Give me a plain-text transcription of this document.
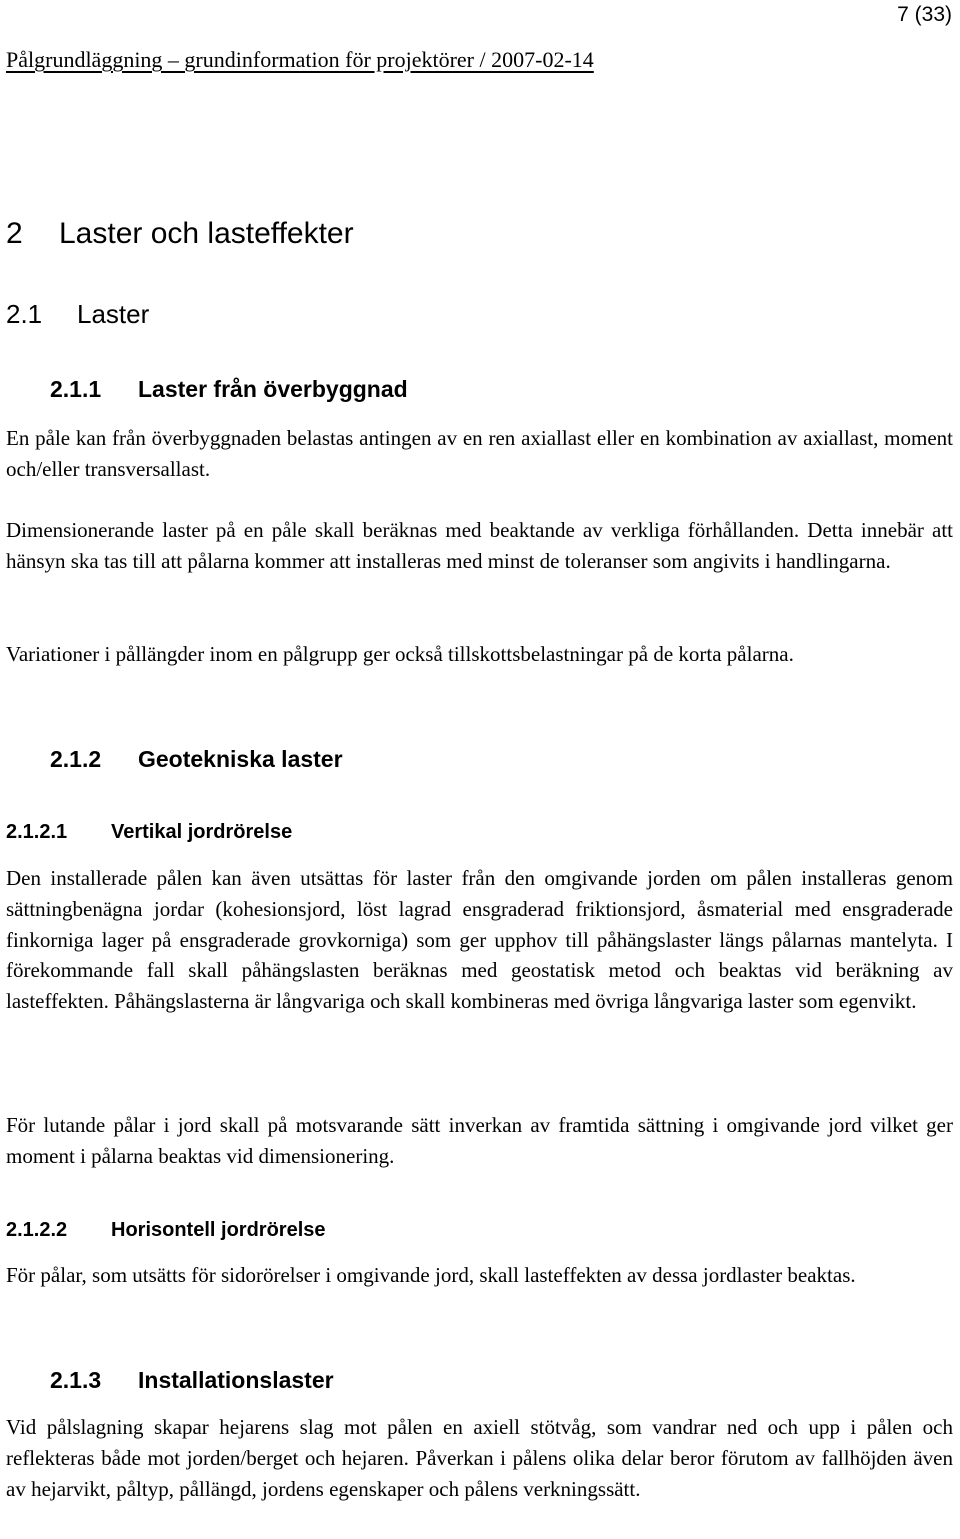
7 (33)
Pålgrundläggning – grundinformation för projektörer / 2007-02-14
2 Laster och lasteffekter
2.1 Laster
2.1.1 Laster från överbyggnad

En påle kan från överbyggnaden belastas antingen av en ren axiallast eller en kombination av axiallast, moment och/eller transversallast.

Dimensionerande laster på en påle skall beräknas med beaktande av verkliga förhållanden. Detta innebär att hänsyn ska tas till att pålarna kommer att installeras med minst de toleranser som angivits i handlingarna.

Variationer i pållängder inom en pålgrupp ger också tillskottsbelastningar på de korta pålarna.

2.1.2 Geotekniska laster
2.1.2.1 Vertikal jordrörelse

Den installerade pålen kan även utsättas för laster från den omgivande jorden om pålen installeras genom sättningbenägna jordar (kohesionsjord, löst lagrad ensgraderad friktionsjord, åsmaterial med ensgraderade finkorniga lager på ensgraderade grovkorniga) som ger upphov till påhängslaster längs pålarnas mantelyta. I förekommande fall skall påhängslasten beräknas med geostatisk metod och beaktas vid beräkning av lasteffekten. Påhängslasterna är långvariga och skall kombineras med övriga långvariga laster som egenvikt.

För lutande pålar i jord skall på motsvarande sätt inverkan av framtida sättning i omgivande jord vilket ger moment i pålarna beaktas vid dimensionering.

2.1.2.2 Horisontell jordrörelse

För pålar, som utsätts för sidorörelser i omgivande jord, skall lasteffekten av dessa jordlaster beaktas.

2.1.3 Installationslaster

Vid pålslagning skapar hejarens slag mot pålen en axiell stötvåg, som vandrar ned och upp i pålen och reflekteras både mot jorden/berget och hejaren. Påverkan i pålens olika delar beror förutom av fallhöjden även av hejarvikt, påltyp, pållängd, jordens egenskaper och pålens verkningssätt.
